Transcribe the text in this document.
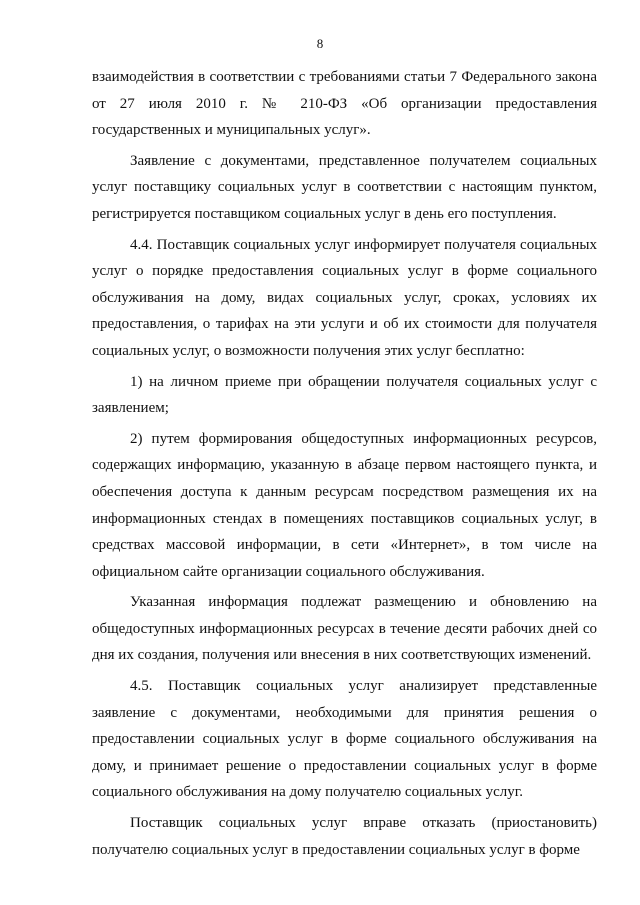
8

взаимодействия в соответствии с требованиями статьи 7 Федерального закона от 27 июля 2010 г. № 210-ФЗ «Об организации предоставления государственных и муниципальных услуг».

Заявление с документами, представленное получателем социальных услуг поставщику социальных услуг в соответствии с настоящим пунктом, регистрируется поставщиком социальных услуг в день его поступления.

4.4. Поставщик социальных услуг информирует получателя социальных услуг о порядке предоставления социальных услуг в форме социального обслуживания на дому, видах социальных услуг, сроках, условиях их предоставления, о тарифах на эти услуги и об их стоимости для получателя социальных услуг, о возможности получения этих услуг бесплатно:

1) на личном приеме при обращении получателя социальных услуг с заявлением;

2) путем формирования общедоступных информационных ресурсов, содержащих информацию, указанную в абзаце первом настоящего пункта, и обеспечения доступа к данным ресурсам посредством размещения их на информационных стендах в помещениях поставщиков социальных услуг, в средствах массовой информации, в сети «Интернет», в том числе на официальном сайте организации социального обслуживания.

Указанная информация подлежат размещению и обновлению на общедоступных информационных ресурсах в течение десяти рабочих дней со дня их создания, получения или внесения в них соответствующих изменений.

4.5. Поставщик социальных услуг анализирует представленные заявление с документами, необходимыми для принятия решения о предоставлении социальных услуг в форме социального обслуживания на дому, и принимает решение о предоставлении социальных услуг в форме социального обслуживания на дому получателю социальных услуг.

Поставщик социальных услуг вправе отказать (приостановить) получателю социальных услуг в предоставлении социальных услуг в форме
